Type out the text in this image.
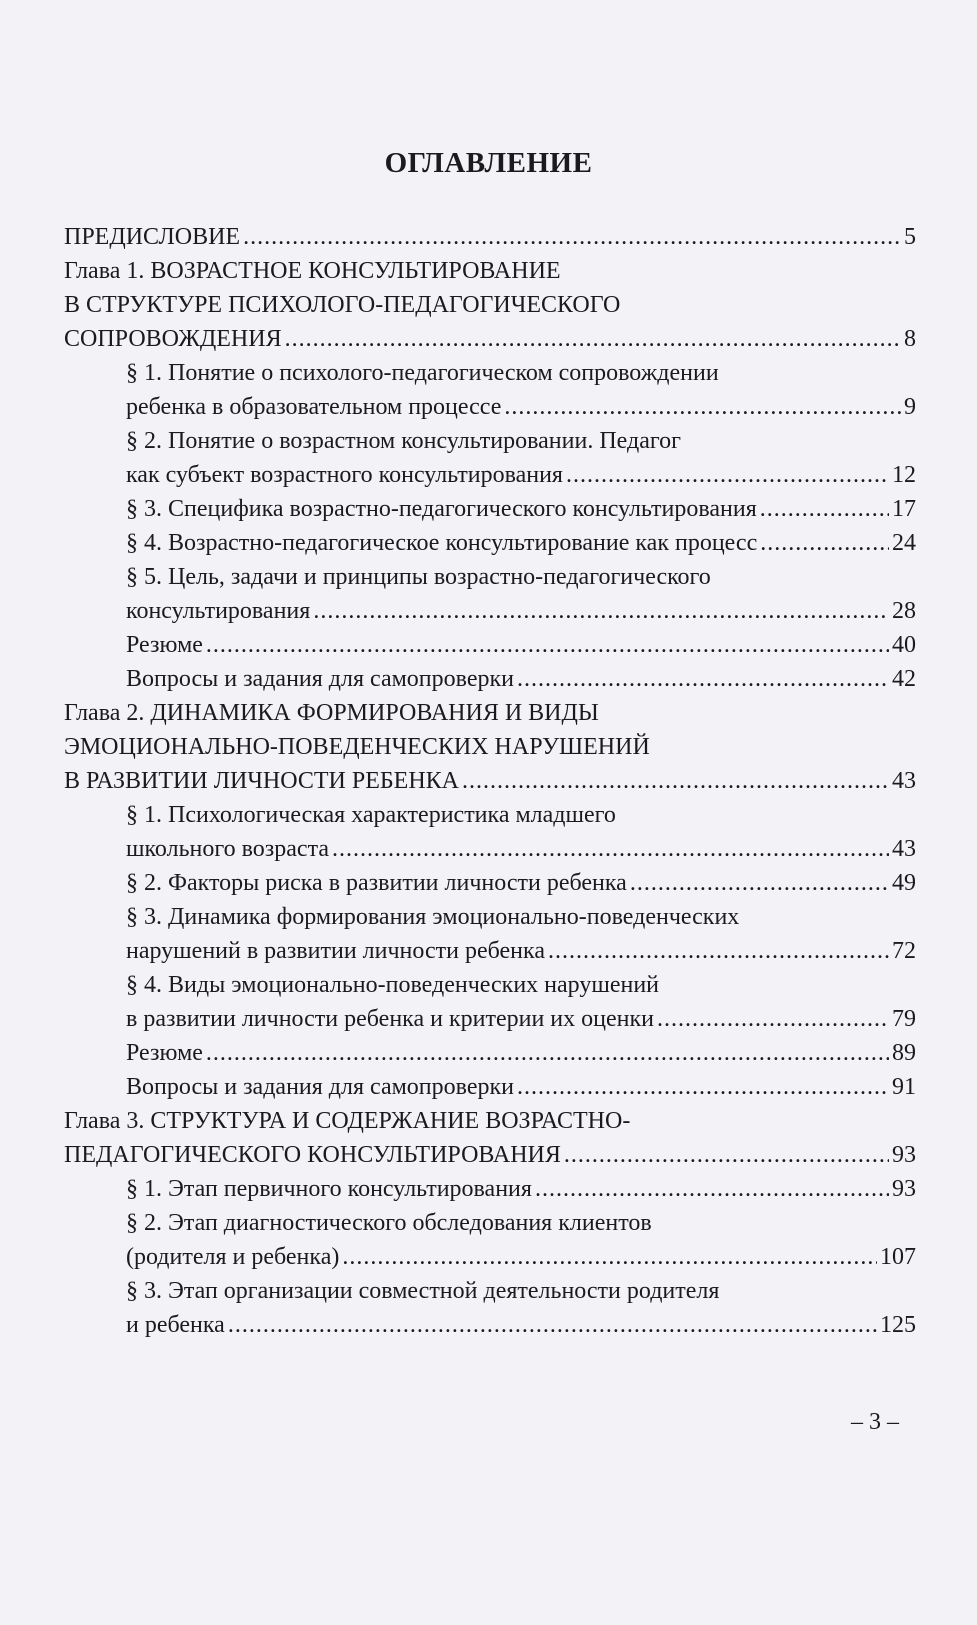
ОГЛАВЛЕНИЕ
ПРЕДИСЛОВИЕ .....	5
Глава 1. ВОЗРАСТНОЕ КОНСУЛЬТИРОВАНИЕ
В СТРУКТУРЕ ПСИХОЛОГО-ПЕДАГОГИЧЕСКОГО
СОПРОВОЖДЕНИЯ .....	8
§ 1. Понятие о психолого-педагогическом сопровождении
ребенка в образовательном процессе .....	9
§ 2. Понятие о возрастном консультировании. Педагог
как субъект возрастного консультирования .....	12
§ 3. Специфика возрастно-педагогического консультирования .....	17
§ 4. Возрастно-педагогическое консультирование как процесс .....	24
§ 5. Цель, задачи и принципы возрастно-педагогического
консультирования .....	28
Резюме .....	40
Вопросы и задания для самопроверки .....	42
Глава 2. ДИНАМИКА ФОРМИРОВАНИЯ И ВИДЫ
ЭМОЦИОНАЛЬНО-ПОВЕДЕНЧЕСКИХ НАРУШЕНИЙ
В РАЗВИТИИ ЛИЧНОСТИ РЕБЕНКА .....	43
§ 1. Психологическая характеристика младшего
школьного возраста .....	43
§ 2. Факторы риска в развитии личности ребенка .....	49
§ 3. Динамика формирования эмоционально-поведенческих
нарушений в развитии личности ребенка .....	72
§ 4. Виды эмоционально-поведенческих нарушений
в развитии личности ребенка и критерии их оценки .....	79
Резюме .....	89
Вопросы и задания для самопроверки .....	91
Глава 3. СТРУКТУРА И СОДЕРЖАНИЕ ВОЗРАСТНО-
ПЕДАГОГИЧЕСКОГО КОНСУЛЬТИРОВАНИЯ .....	93
§ 1. Этап первичного консультирования .....	93
§ 2. Этап диагностического обследования клиентов
(родителя и ребенка) .....	107
§ 3. Этап организации совместной деятельности родителя
и ребенка .....	125
– 3 –
